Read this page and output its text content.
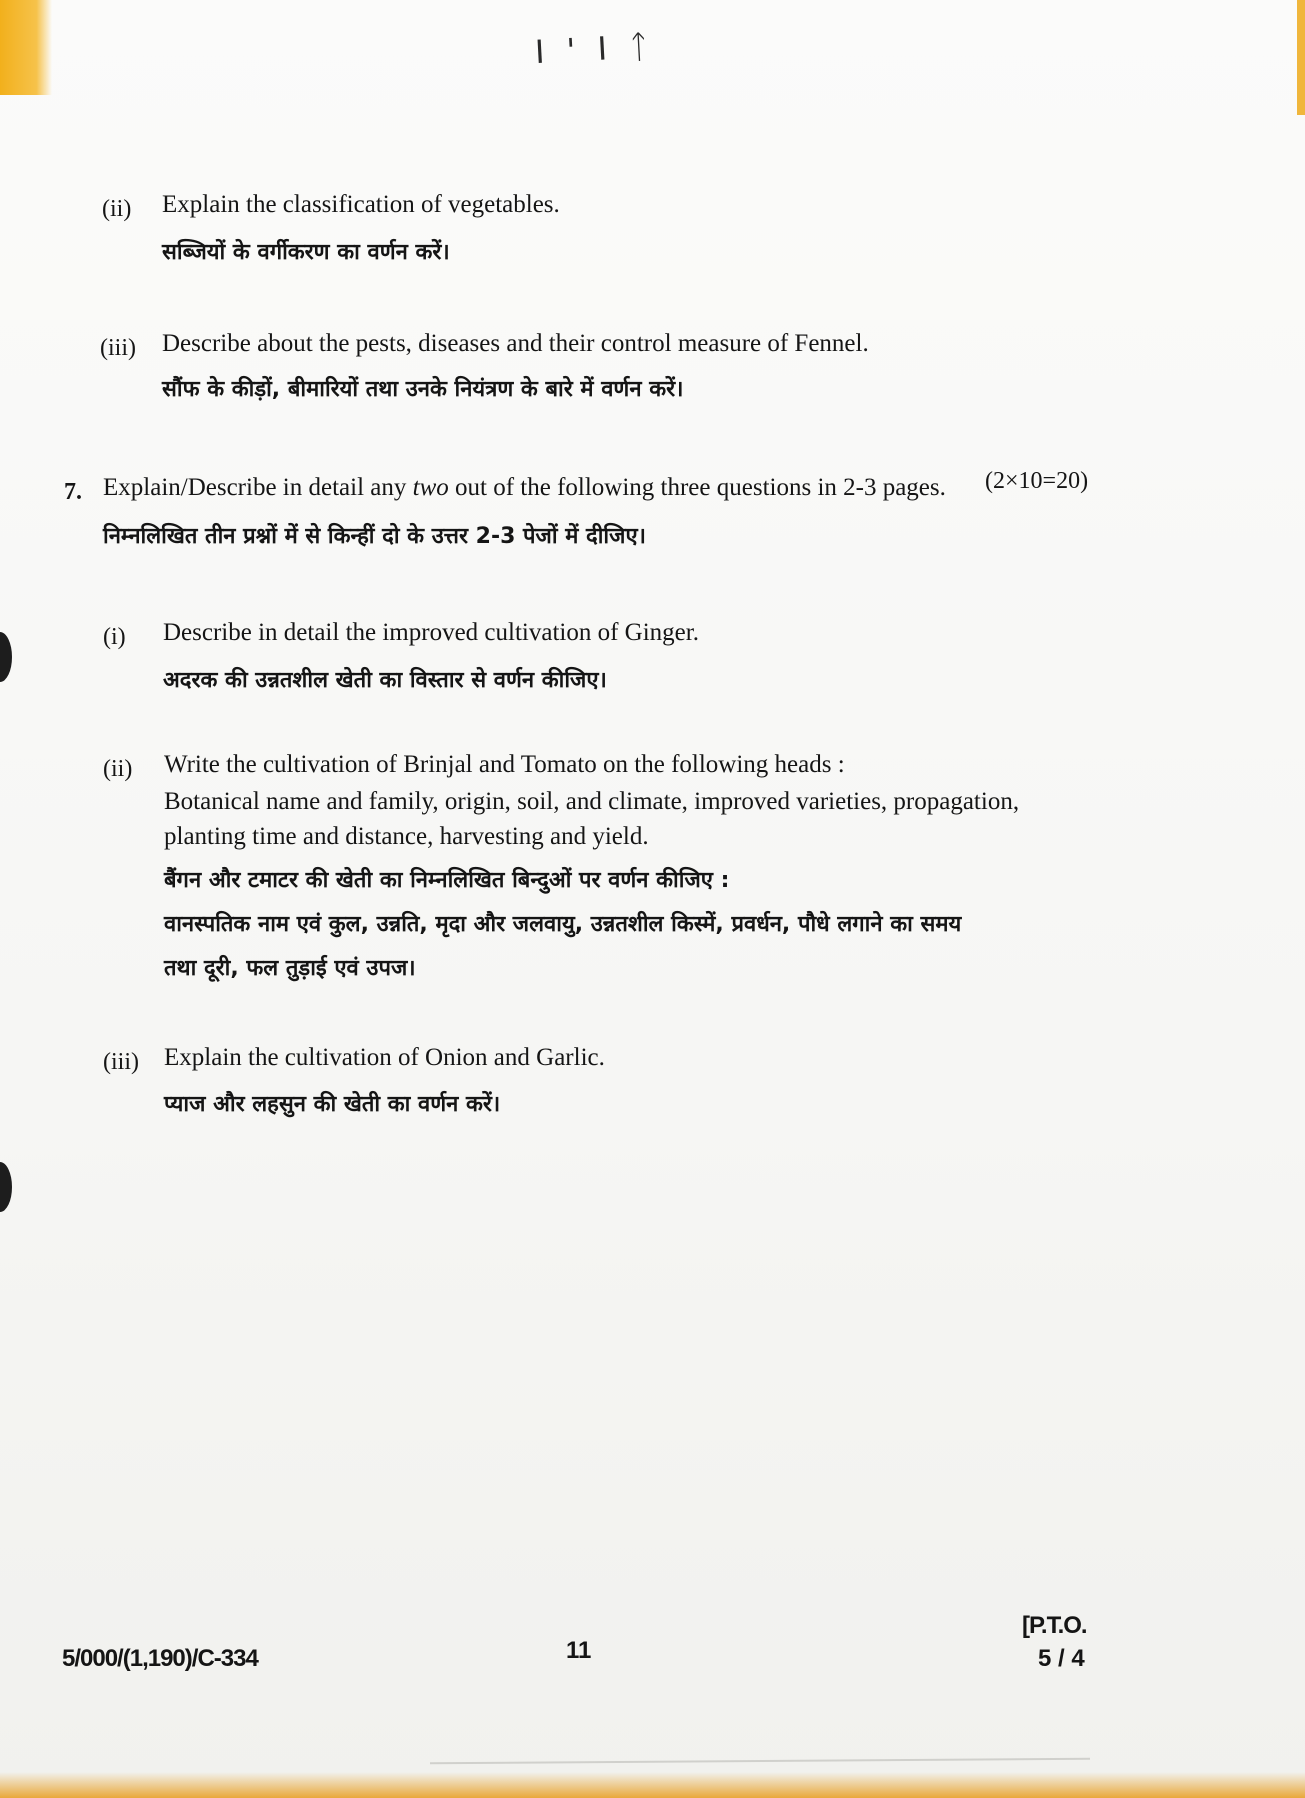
I ' I ᛏ
(ii) Explain the classification of vegetables.
सब्जियों के वर्गीकरण का वर्णन करें।
(iii) Describe about the pests, diseases and their control measure of Fennel.
सौंफ के कीड़ों, बीमारियों तथा उनके नियंत्रण के बारे में वर्णन करें।
7. Explain/Describe in detail any two out of the following three questions in 2-3 pages. (2×10=20)
निम्नलिखित तीन प्रश्नों में से किन्हीं दो के उत्तर 2-3 पेजों में दीजिए।
(i) Describe in detail the improved cultivation of Ginger.
अदरक की उन्नतशील खेती का विस्तार से वर्णन कीजिए।
(ii) Write the cultivation of Brinjal and Tomato on the following heads :
Botanical name and family, origin, soil, and climate, improved varieties, propagation,
planting time and distance, harvesting and yield.
बैंगन और टमाटर की खेती का निम्नलिखित बिन्दुओं पर वर्णन कीजिए :
वानस्पतिक नाम एवं कुल, उन्नति, मृदा और जलवायु, उन्नतशील किस्में, प्रवर्धन, पौधे लगाने का समय
तथा दूरी, फल तुड़ाई एवं उपज।
(iii) Explain the cultivation of Onion and Garlic.
प्याज और लहसुन की खेती का वर्णन करें।
5/000/(1,190)/C-334	11
[P.T.O.
5 / 4
